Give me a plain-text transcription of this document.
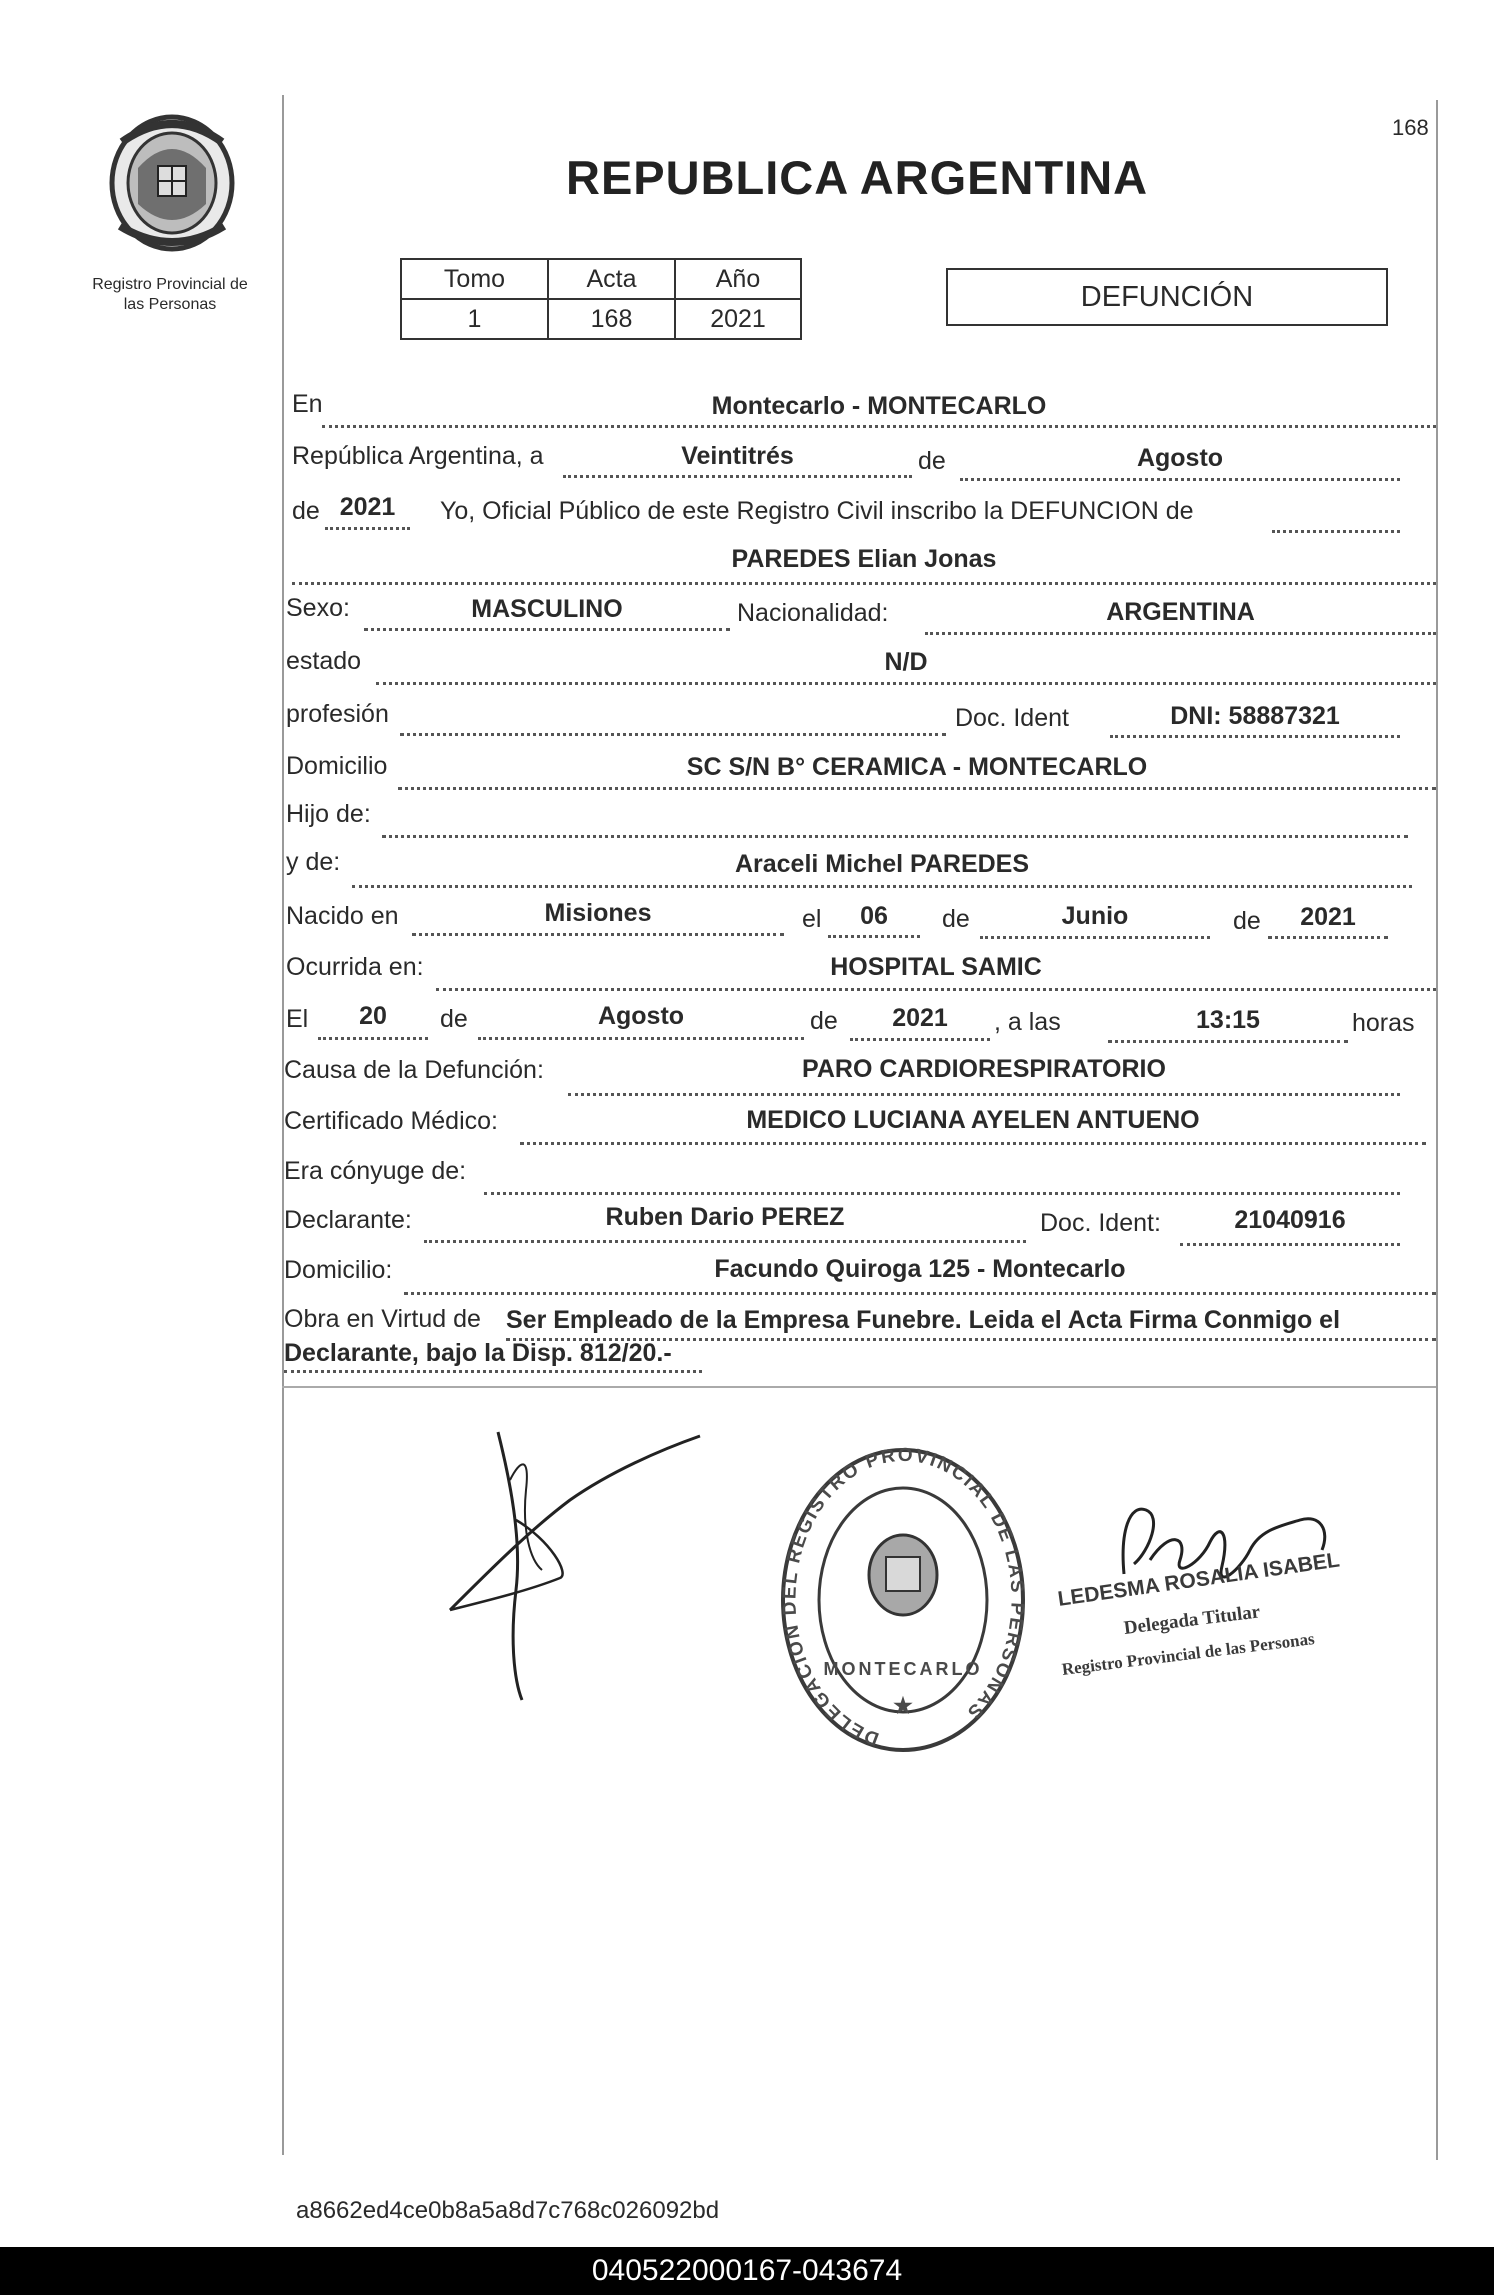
Registro Provincial de
las Personas
168
REPUBLICA ARGENTINA
Tomo	Acta	Año
1	168	2021
DEFUNCIÓN
En	Montecarlo - MONTECARLO
República Argentina, a	Veintitrés	de	Agosto
de 2021	Yo, Oficial Público de este Registro Civil inscribo la DEFUNCION de
PAREDES Elian Jonas
Sexo:	MASCULINO	Nacionalidad:	ARGENTINA
estado	N/D
profesión	Doc. Ident	DNI: 58887321
Domicilio	SC S/N B° CERAMICA - MONTECARLO
Hijo de:
y de:	Araceli Michel PAREDES
Nacido en	Misiones	el	06	de	Junio	de	2021
Ocurrida en:	HOSPITAL SAMIC
El	20	de	Agosto	de	2021	, a las	13:15	horas
Causa de la Defunción:	PARO CARDIORESPIRATORIO
Certificado Médico:	MEDICO LUCIANA AYELEN ANTUENO
Era cónyuge de:
Declarante:	Ruben Dario PEREZ	Doc. Ident:	21040916
Domicilio:	Facundo Quiroga 125 - Montecarlo
Obra en Virtud de Ser Empleado de la Empresa Funebre. Leida el Acta Firma Conmigo el
Declarante, bajo la Disp. 812/20.-
DELEGACION DEL REGISTRO PROVINCIAL DE LAS PERSONAS
MONTECARLO
★
LEDESMA ROSALIA ISABEL
Delegada Titular
Registro Provincial de las Personas
a8662ed4ce0b8a5a8d7c768c026092bd
040522000167-043674
